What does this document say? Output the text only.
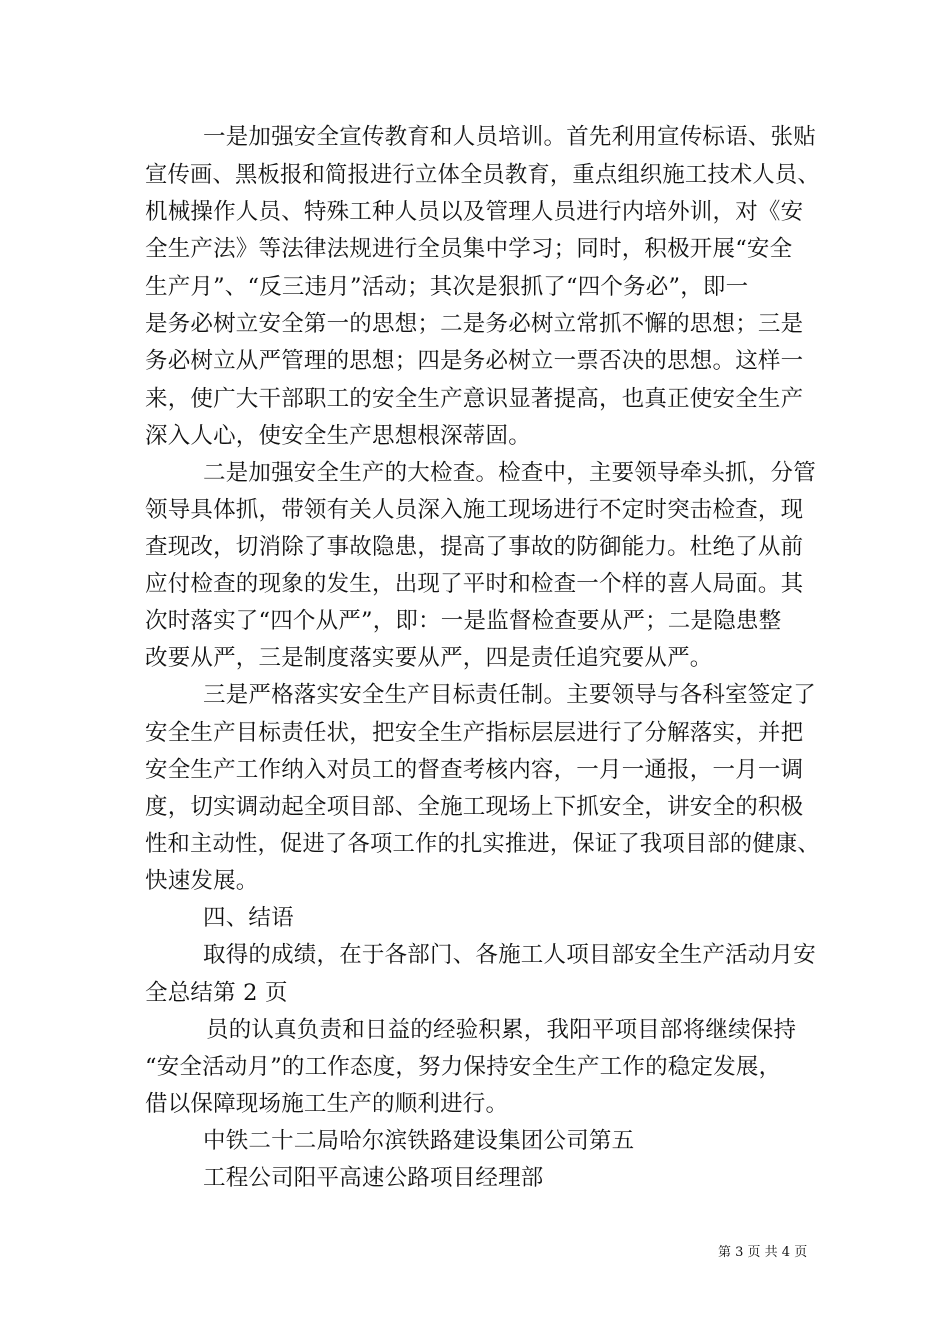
一是加强安全宣传教育和人员培训。首先利用宣传标语、张贴
宣传画、黑板报和简报进行立体全员教育，重点组织施工技术人员、
机械操作人员、特殊工种人员以及管理人员进行内培外训，对《安
全生产法》等法律法规进行全员集中学习；同时，积极开展“安全
生产月”、“反三违月”活动；其次是狠抓了“四个务必”，即一
是务必树立安全第一的思想；二是务必树立常抓不懈的思想；三是
务必树立从严管理的思想；四是务必树立一票否决的思想。这样一
来，使广大干部职工的安全生产意识显著提高，也真正使安全生产
深入人心，使安全生产思想根深蒂固。
二是加强安全生产的大检查。检查中，主要领导牵头抓，分管
领导具体抓，带领有关人员深入施工现场进行不定时突击检查，现
查现改，切消除了事故隐患，提高了事故的防御能力。杜绝了从前
应付检查的现象的发生，出现了平时和检查一个样的喜人局面。其
次时落实了“四个从严”，即：一是监督检查要从严；二是隐患整
改要从严，三是制度落实要从严，四是责任追究要从严。
三是严格落实安全生产目标责任制。主要领导与各科室签定了
安全生产目标责任状，把安全生产指标层层进行了分解落实，并把
安全生产工作纳入对员工的督查考核内容，一月一通报，一月一调
度，切实调动起全项目部、全施工现场上下抓安全，讲安全的积极
性和主动性，促进了各项工作的扎实推进，保证了我项目部的健康、
快速发展。
四、结语
取得的成绩，在于各部门、各施工人项目部安全生产活动月安
全总结第 2 页
员的认真负责和日益的经验积累，我阳平项目部将继续保持
“安全活动月”的工作态度，努力保持安全生产工作的稳定发展，
借以保障现场施工生产的顺利进行。
中铁二十二局哈尔滨铁路建设集团公司第五
工程公司阳平高速公路项目经理部
第 3 页 共 4 页
